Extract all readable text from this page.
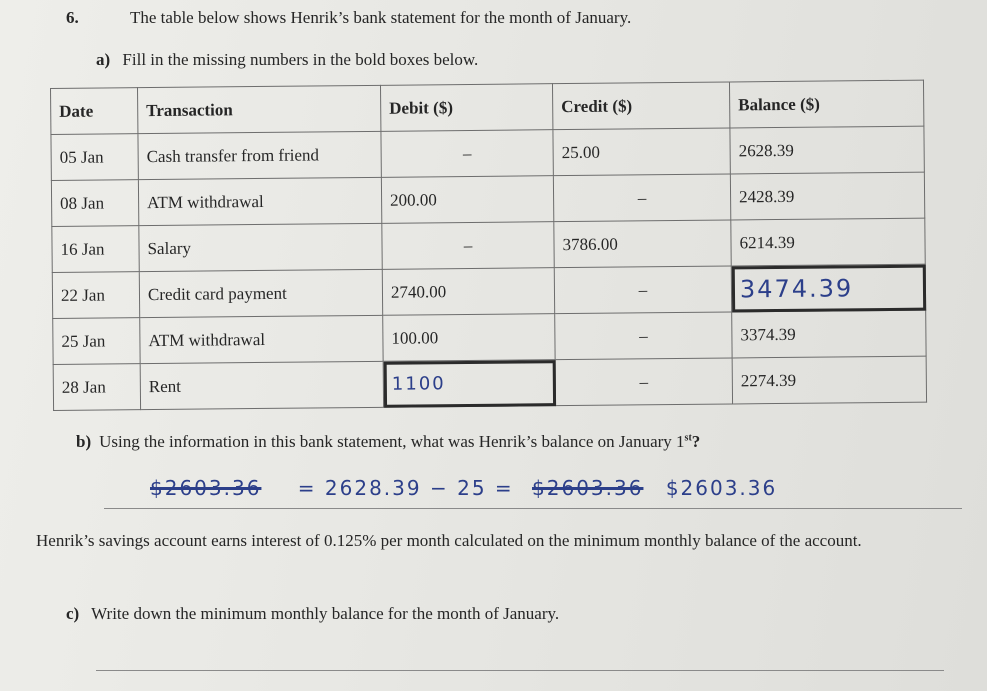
6.	The table below shows Henrik’s bank statement for the month of January.
a) Fill in the missing numbers in the bold boxes below.
Date	Transaction	Debit ($)	Credit ($)	Balance ($)
05 Jan	Cash transfer from friend	–	25.00	2628.39
08 Jan	ATM withdrawal	200.00	–	2428.39
16 Jan	Salary	–	3786.00	6214.39
22 Jan	Credit card payment	2740.00	–	3474.39
25 Jan	ATM withdrawal	100.00	–	3374.39
28 Jan	Rent	1100	–	2274.39
b) Using the information in this bank statement, what was Henrik’s balance on January 1st?
$2603.36 = 2628.39 − 25 = $2603.36 $2603.36
Henrik’s savings account earns interest of 0.125% per month calculated on the minimum monthly balance of the account.
c) Write down the minimum monthly balance for the month of January.
